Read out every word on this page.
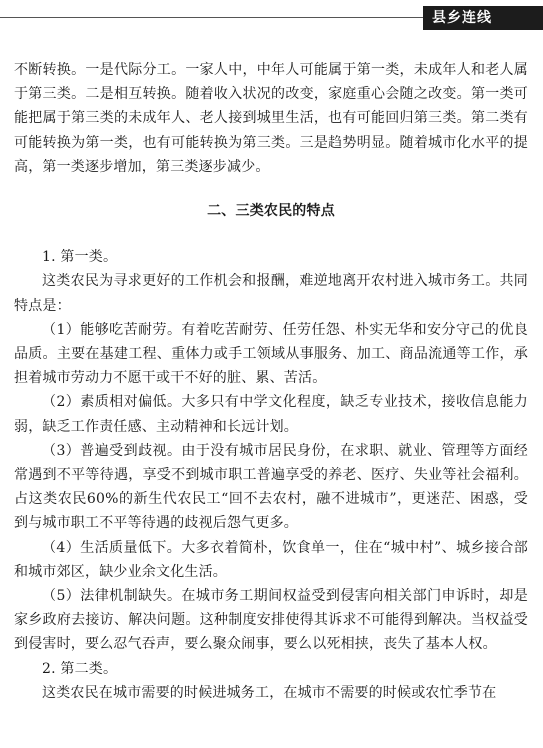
县乡连线

不断转换。一是代际分工。一家人中，中年人可能属于第一类，未成年人和老人属于第三类。二是相互转换。随着收入状况的改变，家庭重心会随之改变。第一类可能把属于第三类的未成年人、老人接到城里生活，也有可能回归第三类。第二类有可能转换为第一类，也有可能转换为第三类。三是趋势明显。随着城市化水平的提高，第一类逐步增加，第三类逐步减少。

二、三类农民的特点

1. 第一类。

这类农民为寻求更好的工作机会和报酬，难逆地离开农村进入城市务工。共同特点是：

（1）能够吃苦耐劳。有着吃苦耐劳、任劳任怨、朴实无华和安分守己的优良品质。主要在基建工程、重体力或手工领域从事服务、加工、商品流通等工作，承担着城市劳动力不愿干或干不好的脏、累、苦活。

（2）素质相对偏低。大多只有中学文化程度，缺乏专业技术，接收信息能力弱，缺乏工作责任感、主动精神和长远计划。

（3）普遍受到歧视。由于没有城市居民身份，在求职、就业、管理等方面经常遇到不平等待遇，享受不到城市职工普遍享受的养老、医疗、失业等社会福利。占这类农民60%的新生代农民工“回不去农村，融不进城市”，更迷茫、困惑，受到与城市职工不平等待遇的歧视后怨气更多。

（4）生活质量低下。大多衣着简朴，饮食单一，住在“城中村”、城乡接合部和城市郊区，缺少业余文化生活。

（5）法律机制缺失。在城市务工期间权益受到侵害向相关部门申诉时，却是家乡政府去接访、解决问题。这种制度安排使得其诉求不可能得到解决。当权益受到侵害时，要么忍气吞声，要么聚众闹事，要么以死相挟，丧失了基本人权。

2. 第二类。

这类农民在城市需要的时候进城务工，在城市不需要的时候或农忙季节在
